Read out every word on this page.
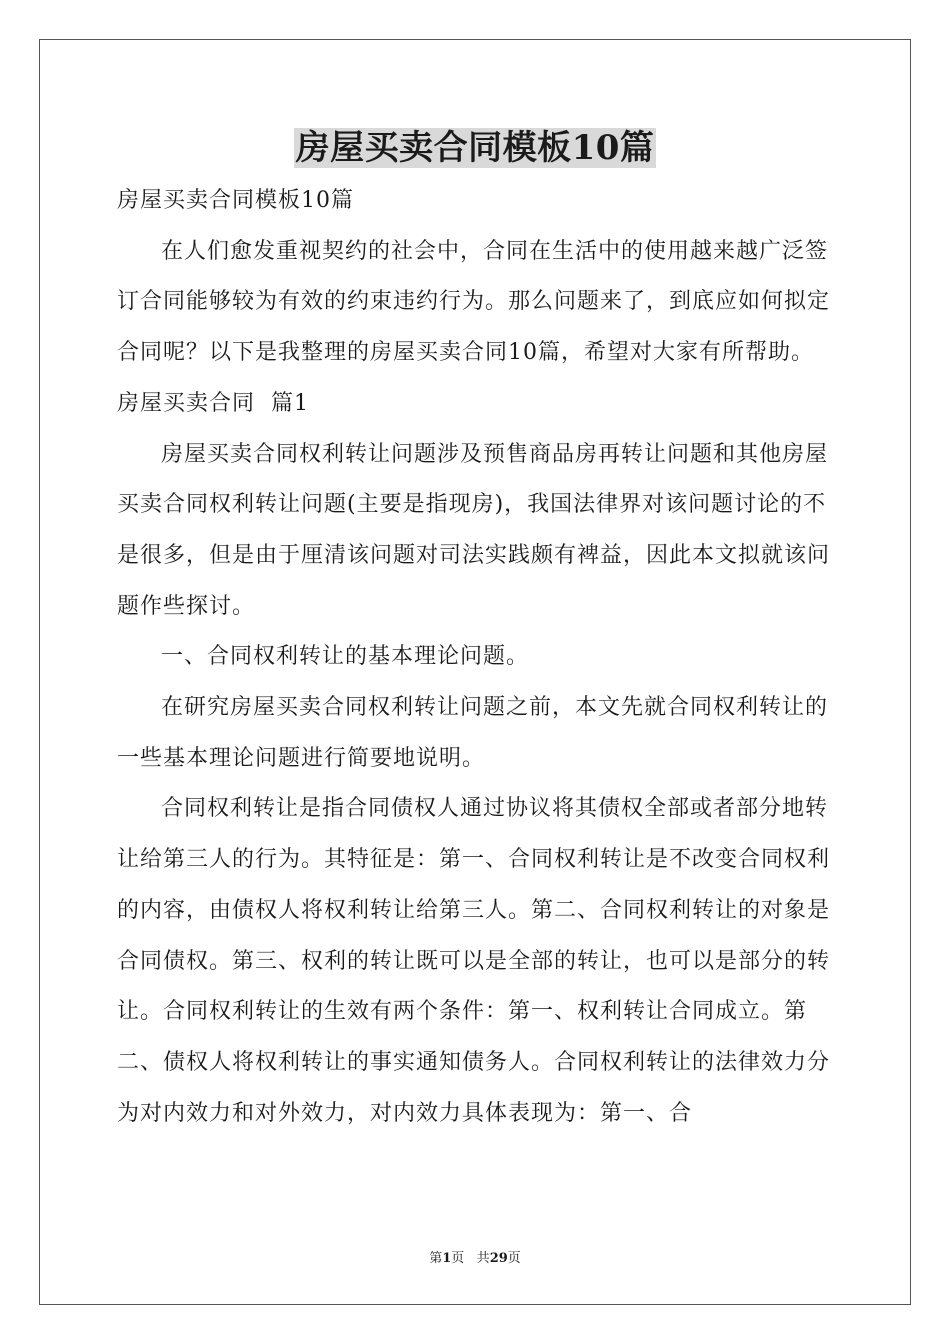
房屋买卖合同模板10篇

房屋买卖合同模板10篇

在人们愈发重视契约的社会中，合同在生活中的使用越来越广泛签订合同能够较为有效的约束违约行为。那么问题来了，到底应如何拟定合同呢？以下是我整理的房屋买卖合同10篇，希望对大家有所帮助。

房屋买卖合同  篇1

房屋买卖合同权利转让问题涉及预售商品房再转让问题和其他房屋买卖合同权利转让问题(主要是指现房)，我国法律界对该问题讨论的不是很多，但是由于厘清该问题对司法实践颇有裨益，因此本文拟就该问题作些探讨。

一、合同权利转让的基本理论问题。

在研究房屋买卖合同权利转让问题之前，本文先就合同权利转让的一些基本理论问题进行简要地说明。

合同权利转让是指合同债权人通过协议将其债权全部或者部分地转让给第三人的行为。其特征是：第一、合同权利转让是不改变合同权利的内容，由债权人将权利转让给第三人。第二、合同权利转让的对象是合同债权。第三、权利的转让既可以是全部的转让，也可以是部分的转让。合同权利转让的生效有两个条件：第一、权利转让合同成立。第二、债权人将权利转让的事实通知债务人。合同权利转让的法律效力分为对内效力和对外效力，对内效力具体表现为：第一、合

第1页 共29页
